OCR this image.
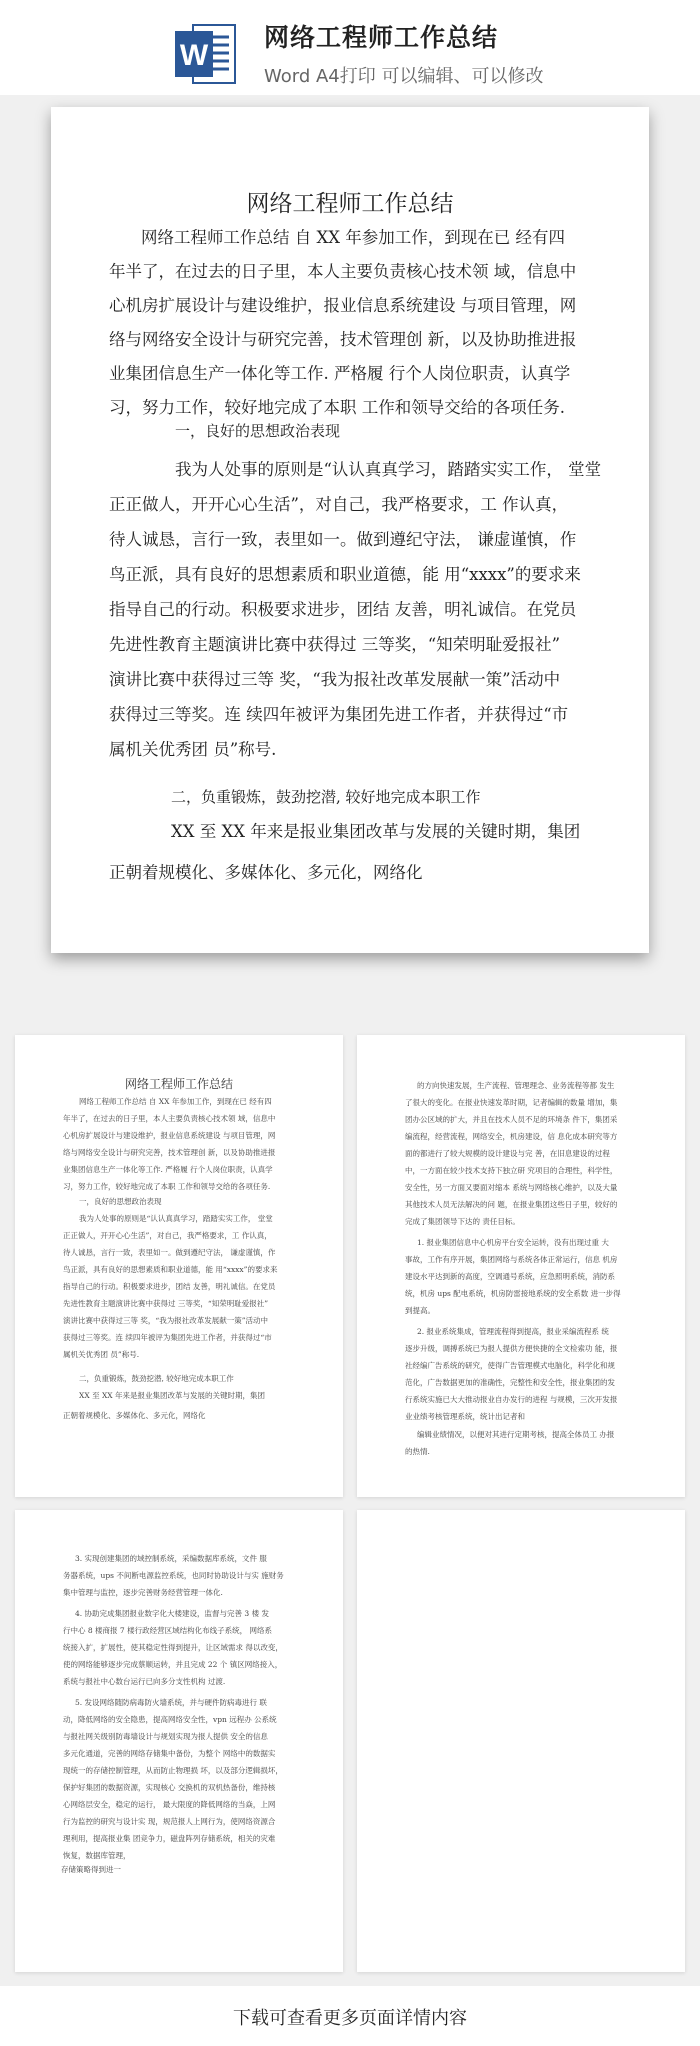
W
网络工程师工作总结
Word A4打印 可以编辑、可以修改
网络工程师工作总结

网络工程师工作总结 自 XX 年参加工作，到现在已 经有四

年半了，在过去的日子里，本人主要负责核心技术领 域，信息中

心机房扩展设计与建设维护，报业信息系统建设 与项目管理，网

络与网络安全设计与研究完善，技术管理创 新，以及协助推进报

业集团信息生产一体化等工作. 严格履 行个人岗位职责，认真学

习，努力工作，较好地完成了本职 工作和领导交给的各项任务.

一，良好的思想政治表现

我为人处事的原则是“认认真真学习，踏踏实实工作， 堂堂

正正做人，开开心心生活”，对自己，我严格要求，工 作认真，

待人诚恳，言行一致，表里如一。做到遵纪守法， 谦虚谨慎，作

鸟正派，具有良好的思想素质和职业道德，能 用“xxxx”的要求来

指导自己的行动。积极要求进步，团结 友善，明礼诚信。在党员

先进性教育主题演讲比赛中获得过 三等奖，“知荣明耻爱报社”

演讲比赛中获得过三等 奖，“我为报社改革发展献一策”活动中

获得过三等奖。连 续四年被评为集团先进工作者，并获得过“市

属机关优秀团 员”称号.

二，负重锻炼，鼓劲挖潜, 较好地完成本职工作

XX 至 XX 年来是报业集团改革与发展的关键时期，集团

正朝着规模化、多媒体化、多元化，网络化

网络工程师工作总结

网络工程师工作总结 自 XX 年参加工作，到现在已 经有四

年半了，在过去的日子里，本人主要负责核心技术领 域，信息中

心机房扩展设计与建设维护，报业信息系统建设 与项目管理，网

络与网络安全设计与研究完善，技术管理创 新，以及协助推进报

业集团信息生产一体化等工作. 严格履 行个人岗位职责，认真学

习，努力工作，较好地完成了本职 工作和领导交给的各项任务.

一，良好的思想政治表现

我为人处事的原则是“认认真真学习，踏踏实实工作， 堂堂

正正做人，开开心心生活”，对自己，我严格要求，工 作认真，

待人诚恳，言行一致，表里如一。做到遵纪守法， 谦虚谨慎，作

鸟正派，具有良好的思想素质和职业道德，能 用“xxxx”的要求来

指导自己的行动。积极要求进步，团结 友善，明礼诚信。在党员

先进性教育主题演讲比赛中获得过 三等奖，“知荣明耻爱报社”

演讲比赛中获得过三等 奖，“我为报社改革发展献一策”活动中

获得过三等奖。连 续四年被评为集团先进工作者，并获得过“市

属机关优秀团 员”称号.

二，负重锻炼，鼓劲挖潜, 较好地完成本职工作

XX 至 XX 年来是报业集团改革与发展的关键时期，集团

正朝着规模化、多媒体化、多元化，网络化

的方向快速发展，生产流程、管理理念、业务流程等都 发生

了很大的变化。在报业快速发革时期，记者编辑的数量 增加，集

团办公区域的扩大，并且在技术人员不足的环境条 件下，集团采

编流程，经营流程，网络安全，机房建设，信 息化成本研究等方

面的都进行了较大规模的设计建设与完 善，在旧息建设的过程

中，一方面在较少技术支持下独立研 究项目的合理性，科学性，

安全性，另一方面又要面对缩本 系统与网络核心维护，以及大量

其他技术人员无法解决的问 题，在报业集团这些日子里，较好的

完成了集团领导下达的 责任目标。

1. 报业集团信息中心机房平台安全运转，没有出现过重 大

事故，工作有序开展，集团网络与系统各体正常运行，信息 机房

建设水平达到新的高度，空调通号系统，应急照明系统，消防系

统，机房 ups 配电系统，机房防雷接地系统的安全系数 进一步得

到提高。

2. 报业系统集成，管理流程得到提高，报业采编流程系 统

逐步升级，调搏系统已为报人提供方便快捷的全文检索功 能，报

社经编广告系统的研究，使得广告管理模式电脑化，科学化和规

范化，广告数据更加的准确性，完整性和安全性，报业集团的发

行系统实施已大大推动报业自办发行的进程 与规模，三次开发报

业业绩考核管理系统，统计出记者和

编辑业绩情况，以便对其进行定期考核，提高全体员工 办报

的热情.

3. 实现创建集团的域控制系统，采编数据库系统，文件 服

务器系统，ups 不间断电源监控系统，也同时协助设计与实 施财务

集中管理与监控，逐步完善财务经营管理一体化.

4. 协助完成集团报业数字化大楼建设，监督与完善 3 楼 发

行中心 8 楼商报 7 楼行政经营区域结构化布线子系统， 网络系

统接入扩，扩展性，使其稳定性得到提升，让区域需求 得以改变，

使的网络能够逐步完成蔡顺运转，并且完成 22 个 镇区网络接入，

系统与报社中心数台运行已向多分支性机构 过渡.

5. 发设网络随防病毒防火墙系统，并与硬件防病毒进行 联

动，降低网络的安全隐患，提高网络安全性，vpn 远程办 公系统

与报社网关级别防毒墙设计与规划实现为报人提供 安全的信息

多元化通道，完善的网络存储集中备份，为整个 网络中的数据实

现统一的存储控制管理，从而防止物理损 坏，以及部分逻辑损坏，

保护好集团的数据资源，实现核心 交换机的双机热备份，维持核

心网络层安全，稳定的运行， 最大限度的降低网络的当焱，上网

行为监控的研究与设计实 现，规范报人上网行为，使网络资源合

理利用，提高报业集 团竞争力，磁盘阵列存储系统，相关的灾难

恢复，数据库管理，

存储策略得到进一

下载可查看更多页面详情内容
